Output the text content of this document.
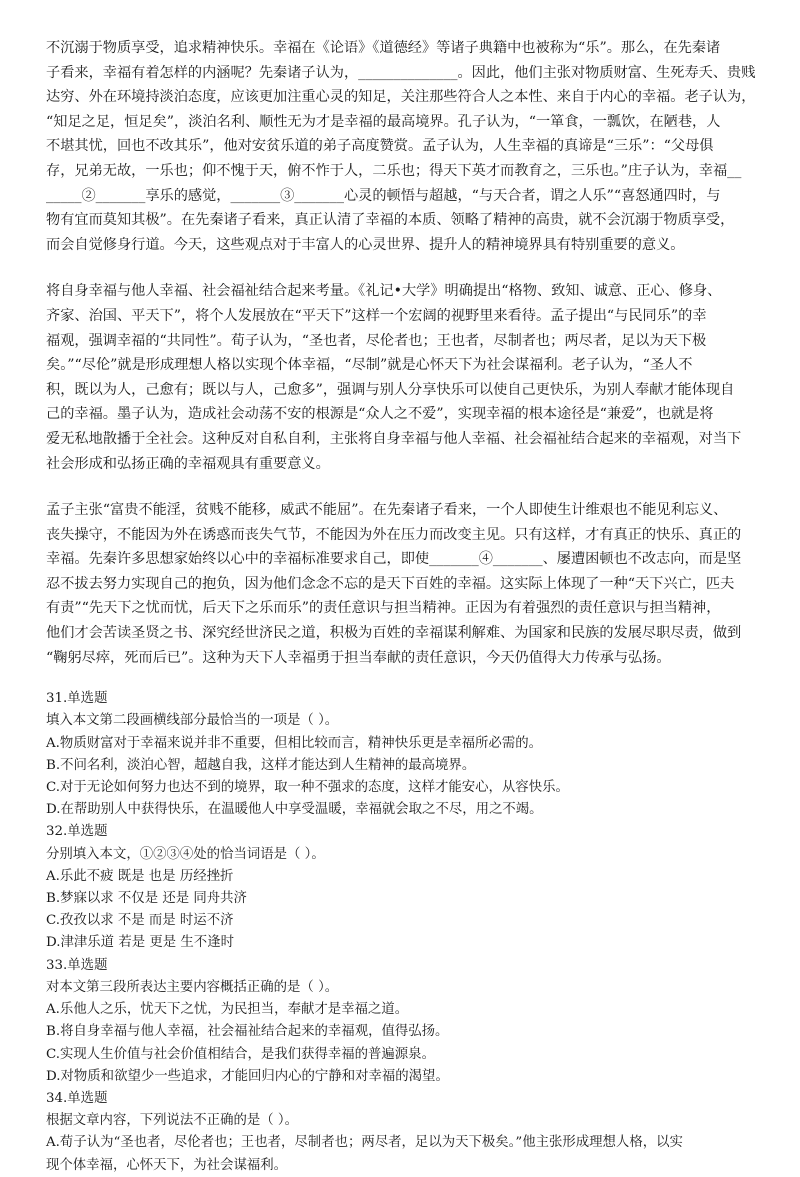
不沉溺于物质享受，追求精神快乐。幸福在《论语》《道德经》等诸子典籍中也被称为“乐”。那么，在先秦诸
子看来，幸福有着怎样的内涵呢？先秦诸子认为，______________。因此，他们主张对物质财富、生死寿夭、贵贱
达穷、外在环境持淡泊态度，应该更加注重心灵的知足，关注那些符合人之本性、来自于内心的幸福。老子认为，
“知足之足，恒足矣”，淡泊名利、顺性无为才是幸福的最高境界。孔子认为，“一箪食，一瓢饮，在陋巷，人
不堪其忧，回也不改其乐”，他对安贫乐道的弟子高度赞赏。孟子认为，人生幸福的真谛是“三乐”：“父母俱
存，兄弟无故，一乐也；仰不愧于天，俯不怍于人，二乐也；得天下英才而教育之，三乐也。”庄子认为，幸福__
_____②_______享乐的感觉，_______③_______心灵的顿悟与超越，“与天合者，谓之人乐”“喜怒通四时，与
物有宜而莫知其极”。在先秦诸子看来，真正认清了幸福的本质、领略了精神的高贵，就不会沉溺于物质享受，
而会自觉修身行道。今天，这些观点对于丰富人的心灵世界、提升人的精神境界具有特别重要的意义。
将自身幸福与他人幸福、社会福祉结合起来考量。《礼记•大学》明确提出“格物、致知、诚意、正心、修身、
齐家、治国、平天下”，将个人发展放在“平天下”这样一个宏阔的视野里来看待。孟子提出“与民同乐”的幸
福观，强调幸福的“共同性”。荀子认为，“圣也者，尽伦者也；王也者，尽制者也；两尽者，足以为天下极
矣。”“尽伦”就是形成理想人格以实现个体幸福，“尽制”就是心怀天下为社会谋福利。老子认为，“圣人不
积，既以为人，己愈有；既以与人，己愈多”，强调与别人分享快乐可以使自己更快乐，为别人奉献才能体现自
己的幸福。墨子认为，造成社会动荡不安的根源是“众人之不爱”，实现幸福的根本途径是“兼爱”，也就是将
爱无私地散播于全社会。这种反对自私自利，主张将自身幸福与他人幸福、社会福祉结合起来的幸福观，对当下
社会形成和弘扬正确的幸福观具有重要意义。
孟子主张“富贵不能淫，贫贱不能移，威武不能屈”。在先秦诸子看来，一个人即使生计维艰也不能见利忘义、
丧失操守，不能因为外在诱惑而丧失气节，不能因为外在压力而改变主见。只有这样，才有真正的快乐、真正的
幸福。先秦许多思想家始终以心中的幸福标准要求自己，即使_______④_______、屡遭困顿也不改志向，而是坚
忍不拔去努力实现自己的抱负，因为他们念念不忘的是天下百姓的幸福。这实际上体现了一种“天下兴亡，匹夫
有责”“先天下之忧而忧，后天下之乐而乐”的责任意识与担当精神。正因为有着强烈的责任意识与担当精神，
他们才会苦读圣贤之书、深究经世济民之道，积极为百姓的幸福谋利解难、为国家和民族的发展尽职尽责，做到
“鞠躬尽瘁，死而后已”。这种为天下人幸福勇于担当奉献的责任意识，今天仍值得大力传承与弘扬。
31.单选题
填入本文第二段画横线部分最恰当的一项是（ ）。
A.物质财富对于幸福来说并非不重要，但相比较而言，精神快乐更是幸福所必需的。
B.不问名利，淡泊心智，超越自我，这样才能达到人生精神的最高境界。
C.对于无论如何努力也达不到的境界，取一种不强求的态度，这样才能安心，从容快乐。
D.在帮助别人中获得快乐，在温暖他人中享受温暖，幸福就会取之不尽，用之不竭。
32.单选题
分别填入本文，①②③④处的恰当词语是（ ）。
A.乐此不疲 既是 也是 历经挫折
B.梦寐以求 不仅是 还是 同舟共济
C.孜孜以求 不是 而是 时运不济
D.津津乐道 若是 更是 生不逢时
33.单选题
对本文第三段所表达主要内容概括正确的是（ ）。
A.乐他人之乐，忧天下之忧，为民担当，奉献才是幸福之道。
B.将自身幸福与他人幸福，社会福祉结合起来的幸福观，值得弘扬。
C.实现人生价值与社会价值相结合，是我们获得幸福的普遍源泉。
D.对物质和欲望少一些追求，才能回归内心的宁静和对幸福的渴望。
34.单选题
根据文章内容，下列说法不正确的是（ ）。
A.荀子认为“圣也者，尽伦者也；王也者，尽制者也；两尽者，足以为天下极矣。”他主张形成理想人格，以实
现个体幸福，心怀天下，为社会谋福利。
